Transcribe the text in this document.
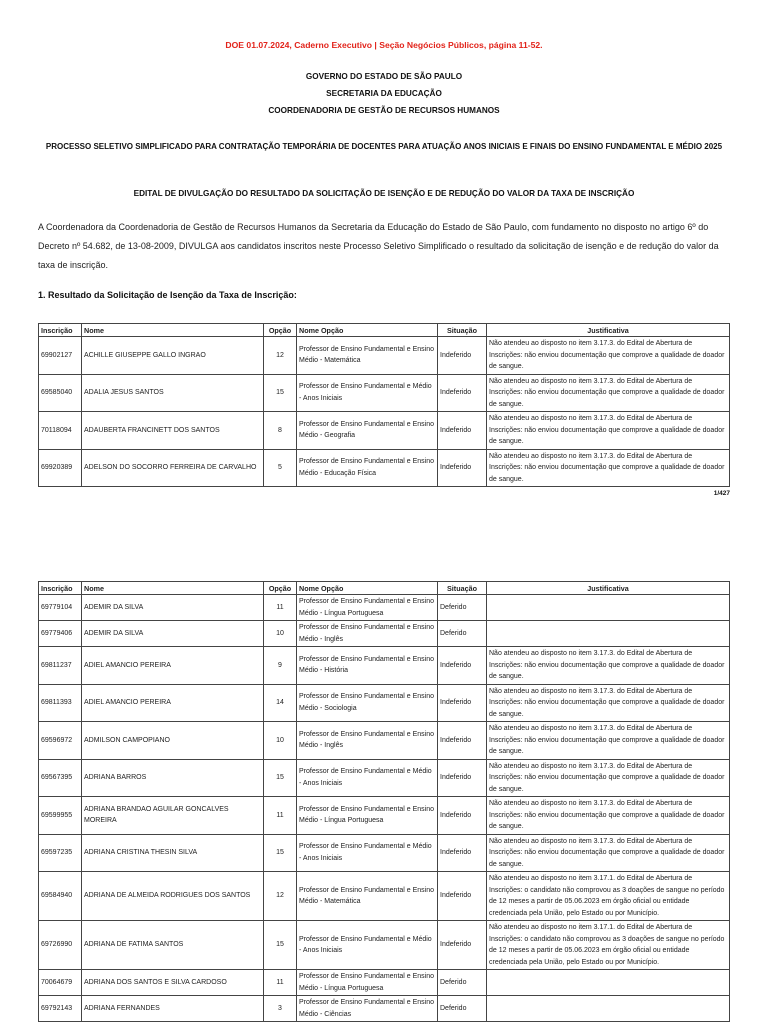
DOE 01.07.2024, Caderno Executivo | Seção Negócios Públicos, página 11-52.
GOVERNO DO ESTADO DE SÃO PAULO
SECRETARIA DA EDUCAÇÃO
COORDENADORIA DE GESTÃO DE RECURSOS HUMANOS
PROCESSO SELETIVO SIMPLIFICADO PARA CONTRATAÇÃO TEMPORÁRIA DE DOCENTES PARA ATUAÇÃO ANOS INICIAIS E FINAIS DO ENSINO FUNDAMENTAL E MÉDIO 2025
EDITAL DE DIVULGAÇÃO DO RESULTADO DA SOLICITAÇÃO DE ISENÇÃO E DE REDUÇÃO DO VALOR DA TAXA DE INSCRIÇÃO
A Coordenadora da Coordenadoria de Gestão de Recursos Humanos da Secretaria da Educação do Estado de São Paulo, com fundamento no disposto no artigo 6º do Decreto nº 54.682, de 13-08-2009, DIVULGA aos candidatos inscritos neste Processo Seletivo Simplificado o resultado da solicitação de isenção e de redução do valor da taxa de inscrição.
1. Resultado da Solicitação de Isenção da Taxa de Inscrição:
Inscrição	Nome	Opção	Nome Opção	Situação	Justificativa
69902127	ACHILLE GIUSEPPE GALLO INGRAO	12	Professor de Ensino Fundamental e Ensino Médio - Matemática	Indeferido	Não atendeu ao disposto no item 3.17.3. do Edital de Abertura de Inscrições: não enviou documentação que comprove a qualidade de doador de sangue.
69585040	ADALIA JESUS SANTOS	15	Professor de Ensino Fundamental e Médio - Anos Iniciais	Indeferido	Não atendeu ao disposto no item 3.17.3. do Edital de Abertura de Inscrições: não enviou documentação que comprove a qualidade de doador de sangue.
70118094	ADAUBERTA FRANCINETT DOS SANTOS	8	Professor de Ensino Fundamental e Ensino Médio - Geografia	Indeferido	Não atendeu ao disposto no item 3.17.3. do Edital de Abertura de Inscrições: não enviou documentação que comprove a qualidade de doador de sangue.
69920389	ADELSON DO SOCORRO FERREIRA DE CARVALHO	5	Professor de Ensino Fundamental e Ensino Médio - Educação Física	Indeferido	Não atendeu ao disposto no item 3.17.3. do Edital de Abertura de Inscrições: não enviou documentação que comprove a qualidade de doador de sangue.
1/427
Inscrição	Nome	Opção	Nome Opção	Situação	Justificativa
69779104	ADEMIR DA SILVA	11	Professor de Ensino Fundamental e Ensino Médio - Língua Portuguesa	Deferido	
69779406	ADEMIR DA SILVA	10	Professor de Ensino Fundamental e Ensino Médio - Inglês	Deferido	
69811237	ADIEL AMANCIO PEREIRA	9	Professor de Ensino Fundamental e Ensino Médio - História	Indeferido	Não atendeu ao disposto no item 3.17.3. do Edital de Abertura de Inscrições: não enviou documentação que comprove a qualidade de doador de sangue.
69811393	ADIEL AMANCIO PEREIRA	14	Professor de Ensino Fundamental e Ensino Médio - Sociologia	Indeferido	Não atendeu ao disposto no item 3.17.3. do Edital de Abertura de Inscrições: não enviou documentação que comprove a qualidade de doador de sangue.
69596972	ADMILSON CAMPOPIANO	10	Professor de Ensino Fundamental e Ensino Médio - Inglês	Indeferido	Não atendeu ao disposto no item 3.17.3. do Edital de Abertura de Inscrições: não enviou documentação que comprove a qualidade de doador de sangue.
69567395	ADRIANA BARROS	15	Professor de Ensino Fundamental e Médio - Anos Iniciais	Indeferido	Não atendeu ao disposto no item 3.17.3. do Edital de Abertura de Inscrições: não enviou documentação que comprove a qualidade de doador de sangue.
69599955	ADRIANA BRANDAO AGUILAR GONCALVES MOREIRA	11	Professor de Ensino Fundamental e Ensino Médio - Língua Portuguesa	Indeferido	Não atendeu ao disposto no item 3.17.3. do Edital de Abertura de Inscrições: não enviou documentação que comprove a qualidade de doador de sangue.
69597235	ADRIANA CRISTINA THESIN SILVA	15	Professor de Ensino Fundamental e Médio - Anos Iniciais	Indeferido	Não atendeu ao disposto no item 3.17.3. do Edital de Abertura de Inscrições: não enviou documentação que comprove a qualidade de doador de sangue.
69584940	ADRIANA DE ALMEIDA RODRIGUES DOS SANTOS	12	Professor de Ensino Fundamental e Ensino Médio - Matemática	Indeferido	Não atendeu ao disposto no item 3.17.1. do Edital de Abertura de Inscrições: o candidato não comprovou as 3 doações de sangue no período de 12 meses a partir de 05.06.2023 em órgão oficial ou entidade credenciada pela União, pelo Estado ou por Município.
69726990	ADRIANA DE FATIMA SANTOS	15	Professor de Ensino Fundamental e Médio - Anos Iniciais	Indeferido	Não atendeu ao disposto no item 3.17.1. do Edital de Abertura de Inscrições: o candidato não comprovou as 3 doações de sangue no período de 12 meses a partir de 05.06.2023 em órgão oficial ou entidade credenciada pela União, pelo Estado ou por Município.
70064679	ADRIANA DOS SANTOS E SILVA CARDOSO	11	Professor de Ensino Fundamental e Ensino Médio - Língua Portuguesa	Deferido	
69792143	ADRIANA FERNANDES	3	Professor de Ensino Fundamental e Ensino Médio - Ciências	Deferido	
